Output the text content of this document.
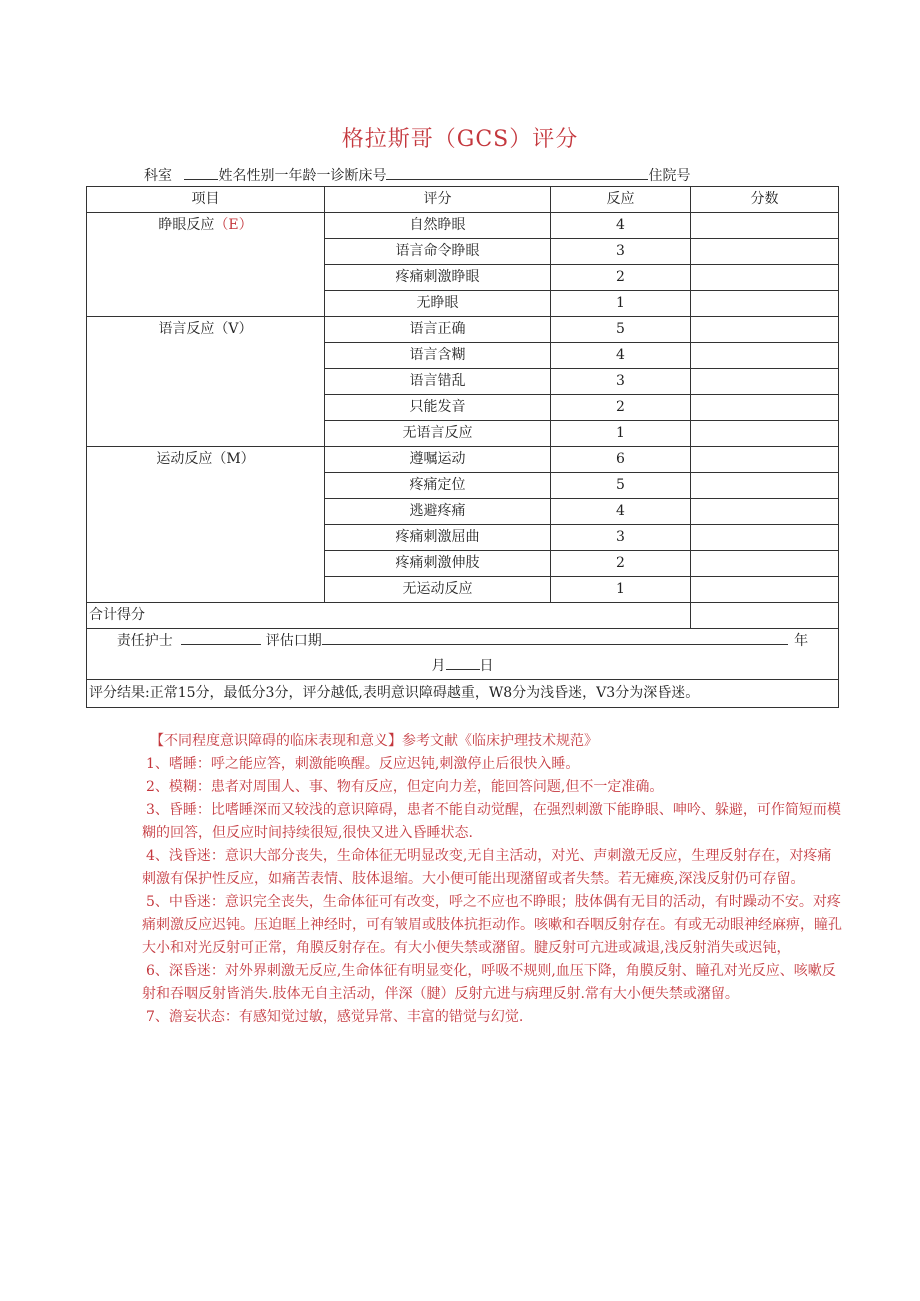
格拉斯哥（GCS）评分
科室	姓名性别一年龄一诊断床号	住院号
项目	评分	反应	分数
睁眼反应（E）	自然睁眼	4	
	语言命令睁眼	3	
	疼痛刺激睁眼	2	
	无睁眼	1	
语言反应（V）	语言正确	5	
	语言含糊	4	
	语言错乱	3	
	只能发音	2	
	无语言反应	1	
运动反应（M）	遵嘱运动	6	
	疼痛定位	5	
	逃避疼痛	4	
	疼痛刺激屈曲	3	
	疼痛刺激伸肢	2	
	无运动反应	1	
合计得分			

责任护士 评估口期 年
月 日			

评分结果:正常15分，最低分3分，评分越低,表明意识障碍越重，W8分为浅昏迷，V3分为深昏迷。			

【不同程度意识障碍的临床表现和意义】参考文献《临床护理技术规范》

1、嗜睡：呼之能应答，刺激能唤醒。反应迟钝,刺激停止后很快入睡。

2、模糊：患者对周围人、事、物有反应，但定向力差，能回答问题,但不一定准确。

3、昏睡：比嗜睡深而又较浅的意识障碍，患者不能自动觉醒，在强烈刺激下能睁眼、呻吟、躲避，可作简短而模糊的回答，但反应时间持续很短,很快又进入昏睡状态.

4、浅昏迷：意识大部分丧失，生命体征无明显改变,无自主活动，对光、声刺激无反应，生理反射存在，对疼痛刺激有保护性反应，如痛苦表情、肢体退缩。大小便可能出现潴留或者失禁。若无瘫痪,深浅反射仍可存留。

5、中昏迷：意识完全丧失，生命体征可有改变，呼之不应也不睁眼；肢体偶有无目的活动，有时躁动不安。对疼痛刺激反应迟钝。压迫眶上神经时，可有皱眉或肢体抗拒动作。咳嗽和吞咽反射存在。有或无动眼神经麻痹，瞳孔大小和对光反射可正常，角膜反射存在。有大小便失禁或潴留。腱反射可亢进或减退,浅反射消失或迟钝，

6、深昏迷：对外界刺激无反应,生命体征有明显变化，呼吸不规则,血压下降，角膜反射、瞳孔对光反应、咳嗽反射和吞咽反射皆消失.肢体无自主活动，伴深（腱）反射亢进与病理反射.常有大小便失禁或潴留。

7、澹妄状态：有感知觉过敏，感觉异常、丰富的错觉与幻觉.
